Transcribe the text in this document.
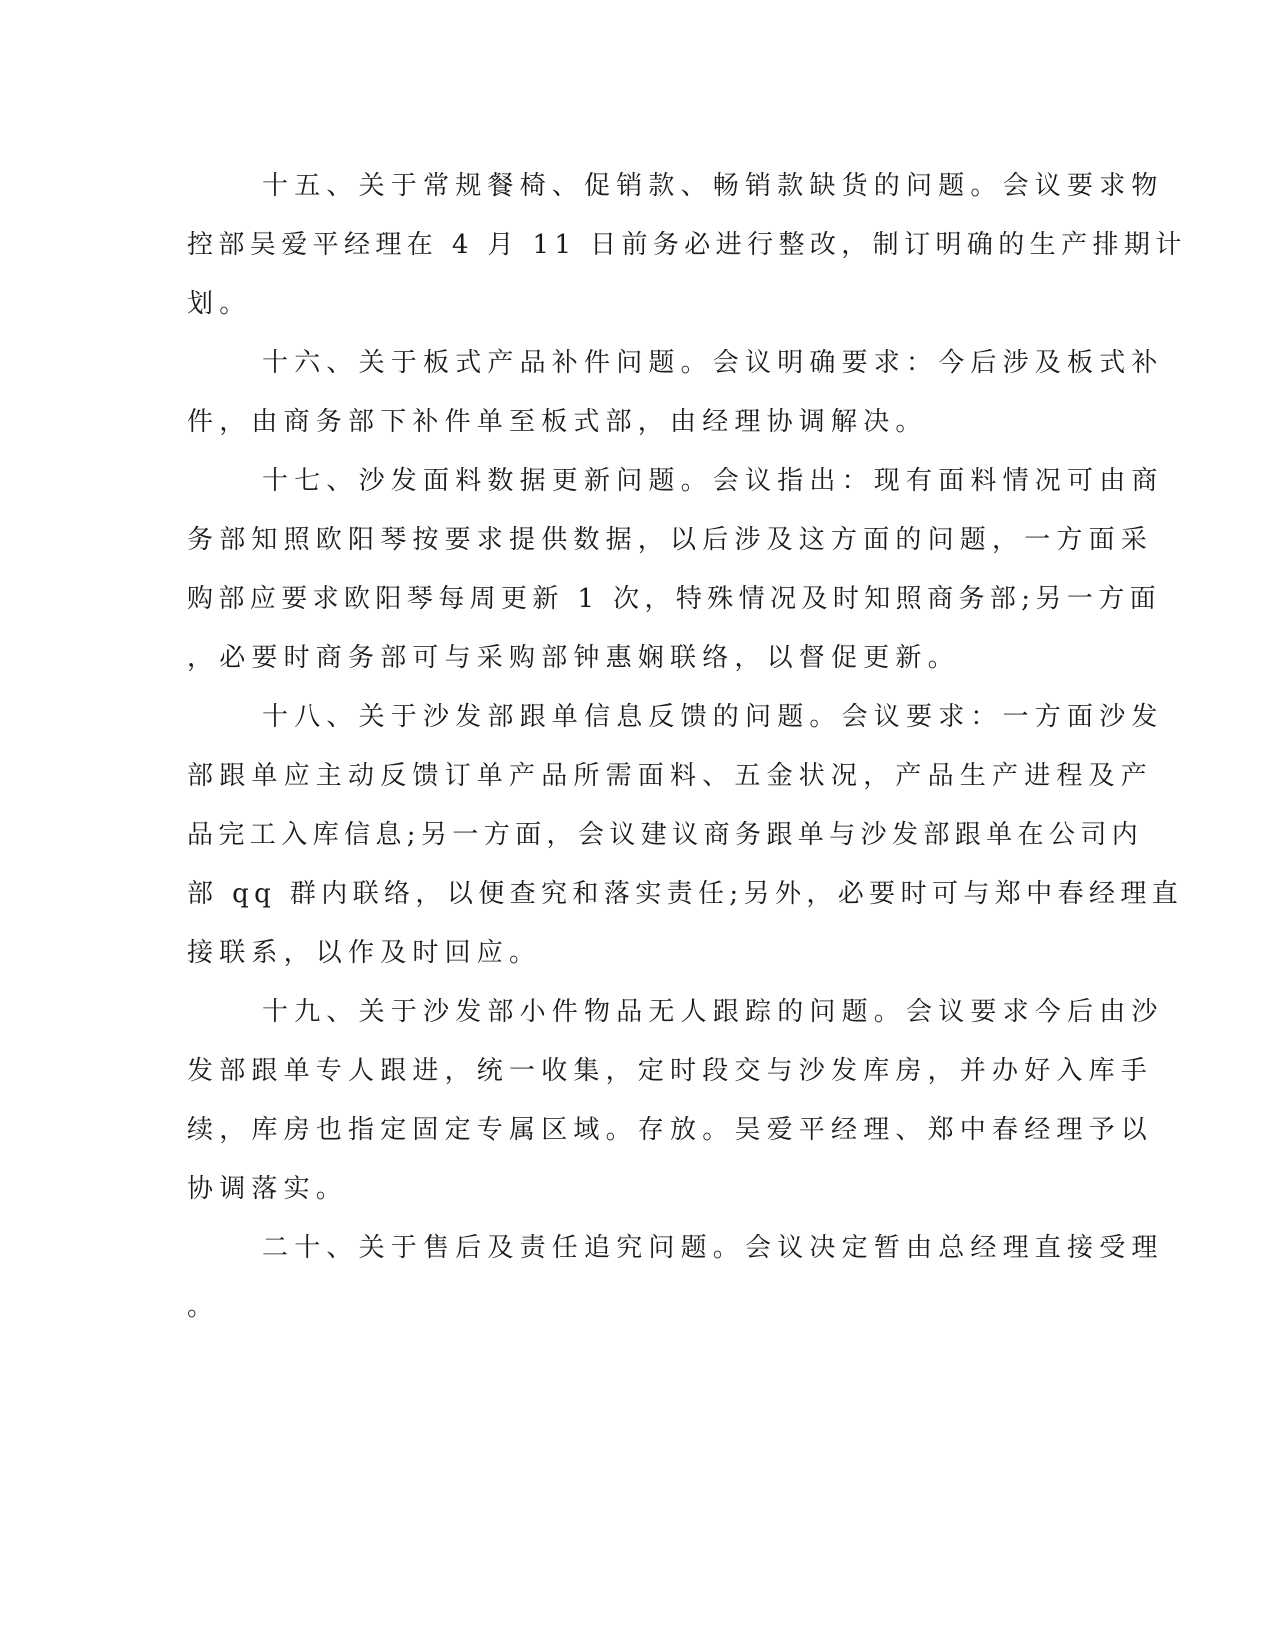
十五、关于常规餐椅、促销款、畅销款缺货的问题。会议要求物
控部吴爱平经理在 4 月 11 日前务必进行整改，制订明确的生产排期计
划。
十六、关于板式产品补件问题。会议明确要求：今后涉及板式补
件，由商务部下补件单至板式部，由经理协调解决。
十七、沙发面料数据更新问题。会议指出：现有面料情况可由商
务部知照欧阳琴按要求提供数据，以后涉及这方面的问题，一方面采
购部应要求欧阳琴每周更新 1 次，特殊情况及时知照商务部;另一方面
，必要时商务部可与采购部钟惠娴联络，以督促更新。
十八、关于沙发部跟单信息反馈的问题。会议要求：一方面沙发
部跟单应主动反馈订单产品所需面料、五金状况，产品生产进程及产
品完工入库信息;另一方面，会议建议商务跟单与沙发部跟单在公司内
部 qq 群内联络，以便查究和落实责任;另外，必要时可与郑中春经理直
接联系，以作及时回应。
十九、关于沙发部小件物品无人跟踪的问题。会议要求今后由沙
发部跟单专人跟进，统一收集，定时段交与沙发库房，并办好入库手
续，库房也指定固定专属区域。存放。吴爱平经理、郑中春经理予以
协调落实。
二十、关于售后及责任追究问题。会议决定暂由总经理直接受理
。
